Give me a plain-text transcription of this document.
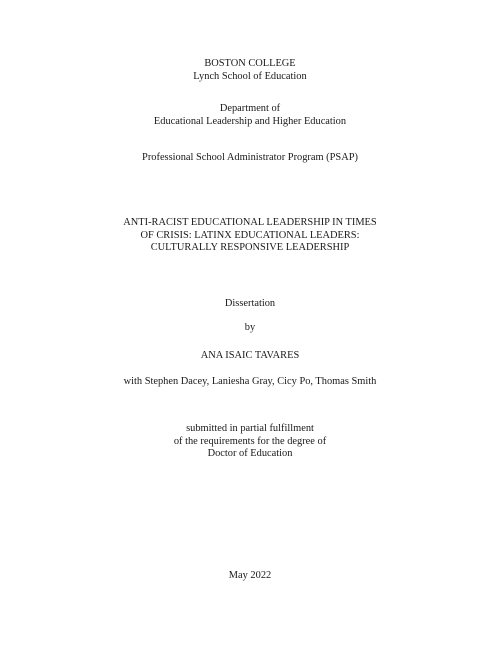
BOSTON COLLEGE
Lynch School of Education
Department of
Educational Leadership and Higher Education
Professional School Administrator Program (PSAP)
ANTI-RACIST EDUCATIONAL LEADERSHIP IN TIMES
OF CRISIS: LATINX EDUCATIONAL LEADERS:
CULTURALLY RESPONSIVE LEADERSHIP
Dissertation
by
ANA ISAIC TAVARES
with Stephen Dacey, Laniesha Gray, Cicy Po, Thomas Smith
submitted in partial fulfillment
of the requirements for the degree of
Doctor of Education
May 2022
